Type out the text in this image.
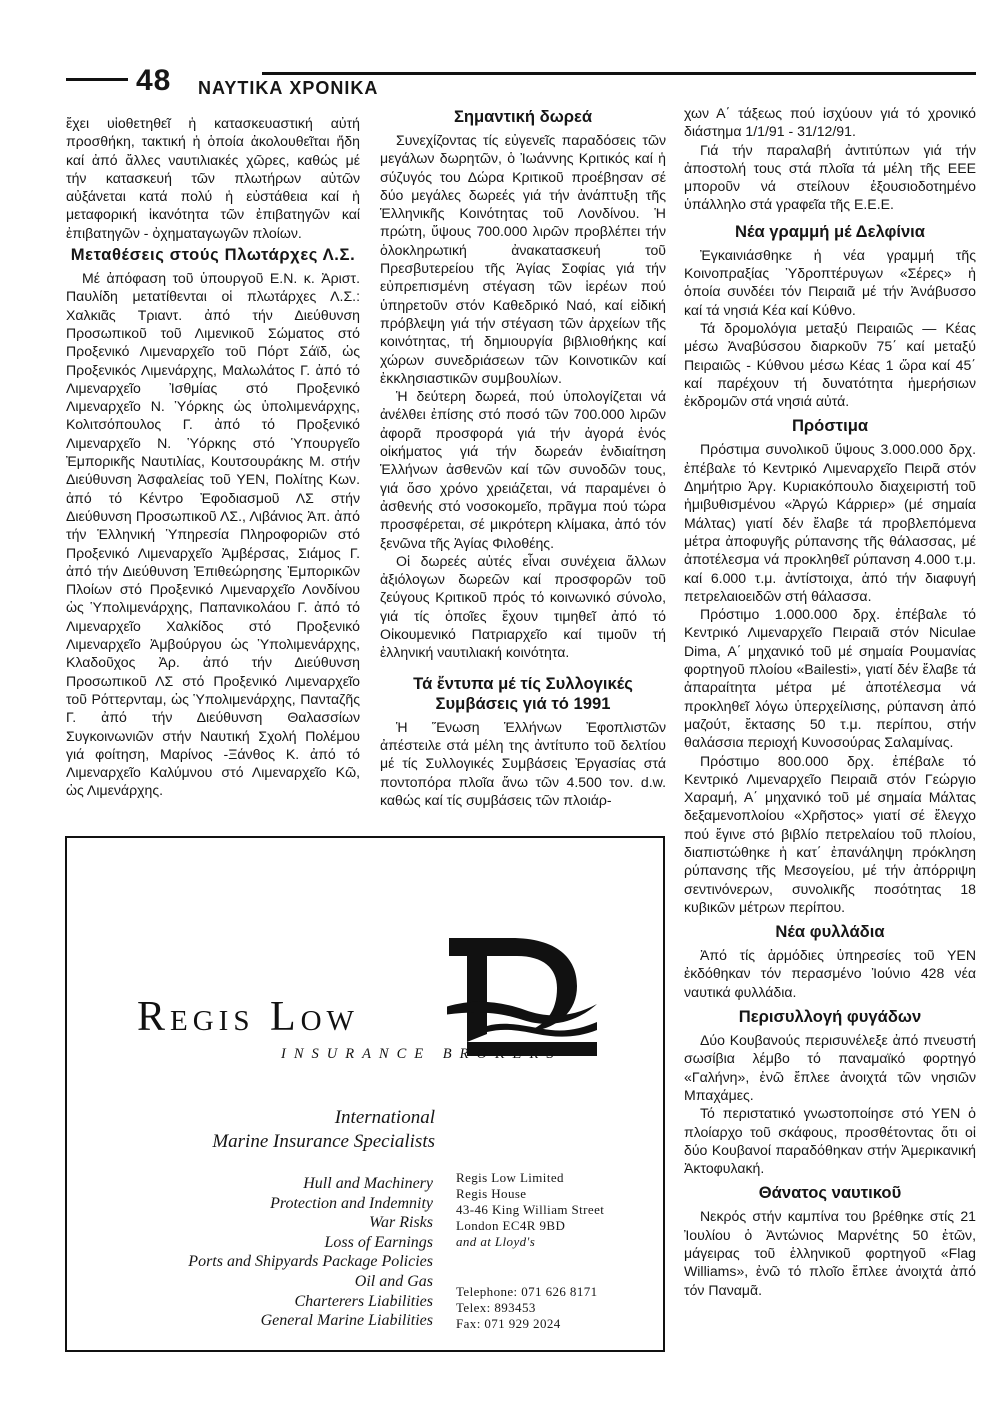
48 ΝΑΥΤΙΚΑ ΧΡΟΝΙΚΑ

ἔχει υἱοθετηθεῖ ἡ κατασκευαστική αὐτή προσθήκη, τακτική ἡ ὁποία ἀκολουθεῖται ἤδη καί ἀπό ἄλλες ναυτιλιακές χῶρες, καθώς μέ τήν κατασκευή τῶν πλωτήρων αὐτῶν αὐξάνεται κατά πολύ ἡ εὐστάθεια καί ἡ μεταφορική ἱκανότητα τῶν ἐπιβατηγῶν καί ἐπιβατηγῶν - ὀχηματαγωγῶν πλοίων.

Μεταθέσεις στούς Πλωτάρχες Λ.Σ.

Μέ ἀπόφαση τοῦ ὑπουργοῦ Ε.Ν. κ. Ἀριστ. Παυλίδη μετατίθενται οἱ πλωτάρχες Λ.Σ.: Χαλκιᾶς Τριαντ. ἀπό τήν Διεύθυνση Προσωπικοῦ τοῦ Λιμενικοῦ Σώματος στό Προξενικό Λιμεναρχεῖο τοῦ Πόρτ Σάϊδ, ὡς Προξενικός Λιμενάρχης, Μαλωλάτος Γ. ἀπό τό Λιμεναρχεῖο Ἰσθμίας στό Προξενικό Λιμεναρχεῖο Ν. Ὑόρκης ὡς ὑπολιμενάρχης, Κολιτσόπουλος Γ. ἀπό τό Προξενικό Λιμεναρχεῖο Ν. Ὑόρκης στό Ὑπουργεῖο Ἐμπορικῆς Ναυτιλίας, Κουτσουράκης Μ. στήν Διεύθυνση Ἀσφαλείας τοῦ ΥΕΝ, Πολίτης Κων. ἀπό τό Κέντρο Ἐφοδιασμοῦ ΛΣ στήν Διεύθυνση Προσωπικοῦ ΛΣ., Λιβάνιος Ἀπ. ἀπό τήν Ἑλληνική Ὑπηρεσία Πληροφοριῶν στό Προξενικό Λιμεναρχεῖο Ἀμβέρσας, Σιάμος Γ. ἀπό τήν Διεύθυνση Ἐπιθεώρησης Ἐμπορικῶν Πλοίων στό Προξενικό Λιμεναρχεῖο Λονδίνου ὡς Ὑπολιμενάρχης, Παπανικολάου Γ. ἀπό τό Λιμεναρχεῖο Χαλκίδος στό Προξενικό Λιμεναρχεῖο Ἀμβούργου ὡς Ὑπολιμενάρχης, Κλαδοῦχος Ἀρ. ἀπό τήν Διεύθυνση Προσωπικοῦ ΛΣ στό Προξενικό Λιμεναρχεῖο τοῦ Ρόττερνταμ, ὡς Ὑπολιμενάρχης, Πανταζῆς Γ. ἀπό τήν Διεύθυνση Θαλασσίων Συγκοινωνιῶν στήν Ναυτική Σχολή Πολέμου γιά φοίτηση, Μαρίνος -Ξάνθος Κ. ἀπό τό Λιμεναρχεῖο Καλύμνου στό Λιμεναρχεῖο Κῶ, ὡς Λιμενάρχης.

Σημαντική δωρεά

Συνεχίζοντας τίς εὐγενεῖς παραδόσεις τῶν μεγάλων δωρητῶν, ὁ Ἰωάννης Κριτικός καί ἡ σύζυγός του Δώρα Κριτικοῦ προέβησαν σέ δύο μεγάλες δωρεές γιά τήν ἀνάπτυξη τῆς Ἑλληνικῆς Κοινότητας τοῦ Λονδίνου. Ἡ πρώτη, ὕψους 700.000 λιρῶν προβλέπει τήν ὁλοκληρωτική ἀνακατασκευή τοῦ Πρεσβυτερείου τῆς Ἁγίας Σοφίας γιά τήν εὐπρεπισμένη στέγαση τῶν ἱερέων πού ὑπηρετοῦν στόν Καθεδρικό Ναό, καί εἰδική πρόβλεψη γιά τήν στέγαση τῶν ἀρχείων τῆς κοινότητας, τή δημιουργία βιβλιοθήκης καί χώρων συνεδριάσεων τῶν Κοινοτικῶν καί ἐκκλησιαστικῶν συμβουλίων.

Ἡ δεύτερη δωρεά, πού ὑπολογίζεται νά ἀνέλθει ἐπίσης στό ποσό τῶν 700.000 λιρῶν ἀφορᾶ προσφορά γιά τήν ἀγορά ἑνός οἰκήματος γιά τήν δωρεάν ἐνδιαίτηση Ἑλλήνων ἀσθενῶν καί τῶν συνοδῶν τους, γιά ὅσο χρόνο χρειάζεται, νά παραμένει ὁ ἀσθενής στό νοσοκομεῖο, πρᾶγμα πού τώρα προσφέρεται, σέ μικρότερη κλίμακα, ἀπό τόν ξενῶνα τῆς Ἁγίας Φιλοθέης.

Οἱ δωρεές αὐτές εἶναι συνέχεια ἄλλων ἀξιόλογων δωρεῶν καί προσφορῶν τοῦ ζεύγους Κριτικοῦ πρός τό κοινωνικό σύνολο, γιά τίς ὁποῖες ἔχουν τιμηθεῖ ἀπό τό Οἰκουμενικό Πατριαρχεῖο καί τιμοῦν τή ἑλληνική ναυτιλιακή κοινότητα.

Τά ἔντυπα μέ τίς Συλλογικές Συμβάσεις γιά τό 1991

Ἡ Ἕνωση Ἑλλήνων Ἐφοπλιστῶν ἀπέστειλε στά μέλη της ἀντίτυπο τοῦ δελτίου μέ τίς Συλλογικές Συμβάσεις Ἐργασίας στά ποντοπόρα πλοῖα ἄνω τῶν 4.500 τον. d.w. καθώς καί τίς συμβάσεις τῶν πλοιάρ-

χων Α΄ τάξεως πού ἰσχύουν γιά τό χρονικό διάστημα 1/1/91 - 31/12/91.

Γιά τήν παραλαβή ἀντιτύπων γιά τήν ἀποστολή τους στά πλοῖα τά μέλη τῆς ΕΕΕ μποροῦν νά στείλουν ἐξουσιοδοτημένο ὑπάλληλο στά γραφεῖα τῆς Ε.Ε.Ε.

Νέα γραμμή μέ Δελφίνια

Ἐγκαινιάσθηκε ἡ νέα γραμμή τῆς Κοινοπραξίας Ὑδροπτέρυγων «Σέρες» ἡ ὁποία συνδέει τόν Πειραιᾶ μέ τήν Ἀνάβυσσο καί τά νησιά Κέα καί Κύθνο.

Τά δρομολόγια μεταξύ Πειραιῶς — Κέας μέσω Ἀναβύσσου διαρκοῦν 75΄ καί μεταξύ Πειραιῶς - Κύθνου μέσω Κέας 1 ὥρα καί 45΄ καί παρέχουν τή δυνατότητα ἡμερήσιων ἐκδρομῶν στά νησιά αὐτά.

Πρόστιμα

Πρόστιμα συνολικοῦ ὕψους 3.000.000 δρχ. ἐπέβαλε τό Κεντρικό Λιμεναρχεῖο Πειρᾶ στόν Δημήτριο Ἀργ. Κυριακόπουλο διαχειριστή τοῦ ἡμιβυθισμένου «Ἀργώ Κάρριερ» (μέ σημαία Μάλτας) γιατί δέν ἔλαβε τά προβλεπόμενα μέτρα ἀποφυγῆς ρύπανσης τῆς θάλασσας, μέ ἀποτέλεσμα νά προκληθεῖ ρύπανση 4.000 τ.μ. καί 6.000 τ.μ. ἀντίστοιχα, ἀπό τήν διαφυγή πετρελαιοειδῶν στή θάλασσα.

Πρόστιμο 1.000.000 δρχ. ἐπέβαλε τό Κεντρικό Λιμεναρχεῖο Πειραιᾶ στόν Niculae Dima, Α΄ μηχανικό τοῦ μέ σημαία Ρουμανίας φορτηγοῦ πλοίου «Bailesti», γιατί δέν ἔλαβε τά ἀπαραίτητα μέτρα μέ ἀποτέλεσμα νά προκληθεῖ λόγω ὑπερχείλισης, ρύπανση ἀπό μαζούτ, ἔκτασης 50 τ.μ. περίπου, στήν θαλάσσια περιοχή Κυνοσούρας Σαλαμίνας.

Πρόστιμο 800.000 δρχ. ἐπέβαλε τό Κεντρικό Λιμεναρχεῖο Πειραιᾶ στόν Γεώργιο Χαραμή, Α΄ μηχανικό τοῦ μέ σημαία Μάλτας δεξαμενοπλοίου «Χρῆστος» γιατί σέ ἔλεγχο πού ἔγινε στό βιβλίο πετρελαίου τοῦ πλοίου, διαπιστώθηκε ἡ κατ΄ ἐπανάληψη πρόκληση ρύπανσης τῆς Μεσογείου, μέ τήν ἀπόρριψη σεντινόνερων, συνολικῆς ποσότητας 18 κυβικῶν μέτρων περίπου.

Νέα φυλλάδια

Ἀπό τίς ἁρμόδιες ὑπηρεσίες τοῦ ΥΕΝ ἐκδόθηκαν τόν περασμένο Ἰούνιο 428 νέα ναυτικά φυλλάδια.

Περισυλλογή φυγάδων

Δύο Κουβανούς περισυνέλεξε ἀπό πνευστή σωσίβια λέμβο τό παναμαϊκό φορτηγό «Γαλήνη», ἐνῶ ἔπλεε ἀνοιχτά τῶν νησιῶν Μπαχάμες.

Τό περιστατικό γνωστοποίησε στό ΥΕΝ ὁ πλοίαρχο τοῦ σκάφους, προσθέτοντας ὅτι οἱ δύο Κουβανοί παραδόθηκαν στήν Ἀμερικανική Ἀκτοφυλακή.

Θάνατος ναυτικοῦ

Νεκρός στήν καμπίνα του βρέθηκε στίς 21 Ἰουλίου ὁ Ἀντώνιος Μαρνέτης 50 ἐτῶν, μάγειρας τοῦ ἑλληνικοῦ φορτηγοῦ «Flag Williams», ἐνῶ τό πλοῖο ἔπλεε ἀνοιχτά ἀπό τόν Παναμᾶ.

Regis Low
INSURANCE BROKERS
International
Marine Insurance Specialists
Hull and Machinery
Protection and Indemnity
War Risks
Loss of Earnings
Ports and Shipyards Package Policies
Oil and Gas
Charterers Liabilities
General Marine Liabilities
Regis Low Limited
Regis House
43-46 King William Street
London EC4R 9BD
and at Lloyd's
Telephone: 071 626 8171
Telex: 893453
Fax: 071 929 2024
